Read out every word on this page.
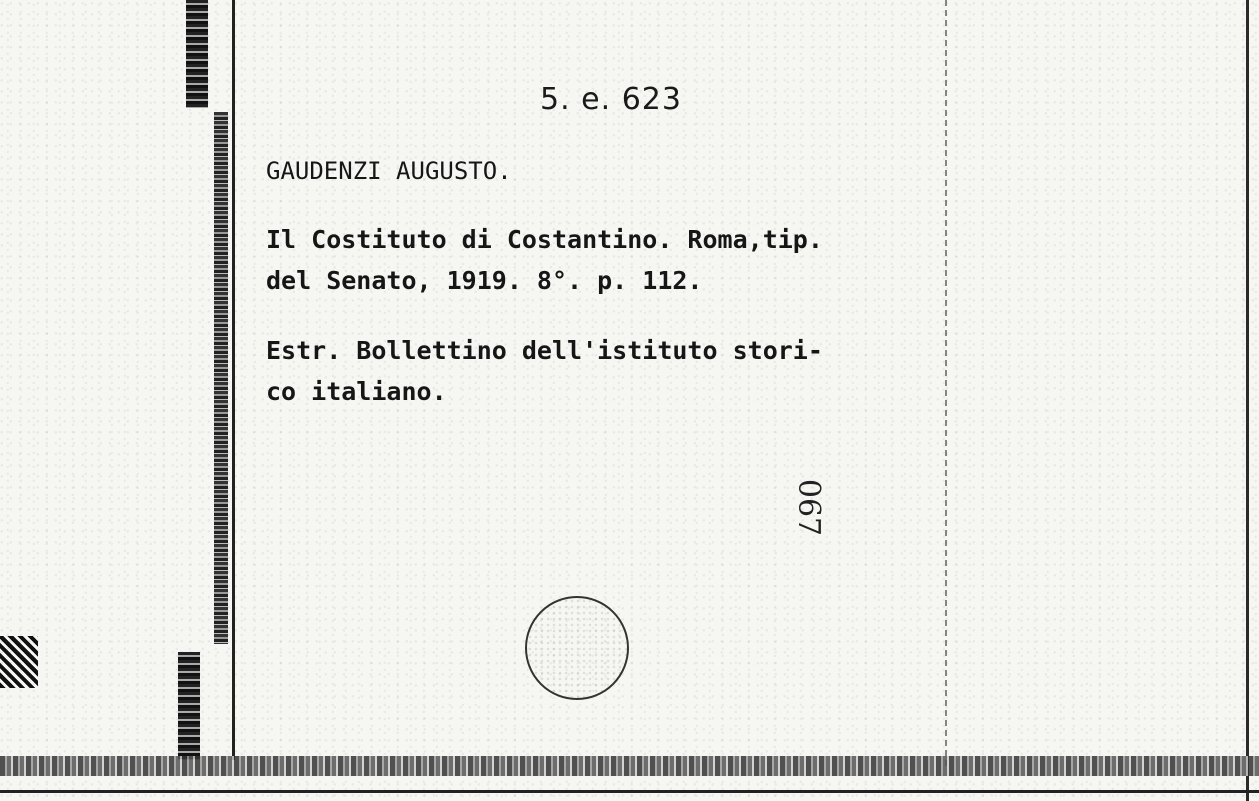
5. e. 623
GAUDENZI AUGUSTO.
Il Costituto di Costantino. Roma,tip.
del Senato, 1919. 8°. p. 112.
Estr. Bollettino dell'istituto stori-
co italiano.
067
